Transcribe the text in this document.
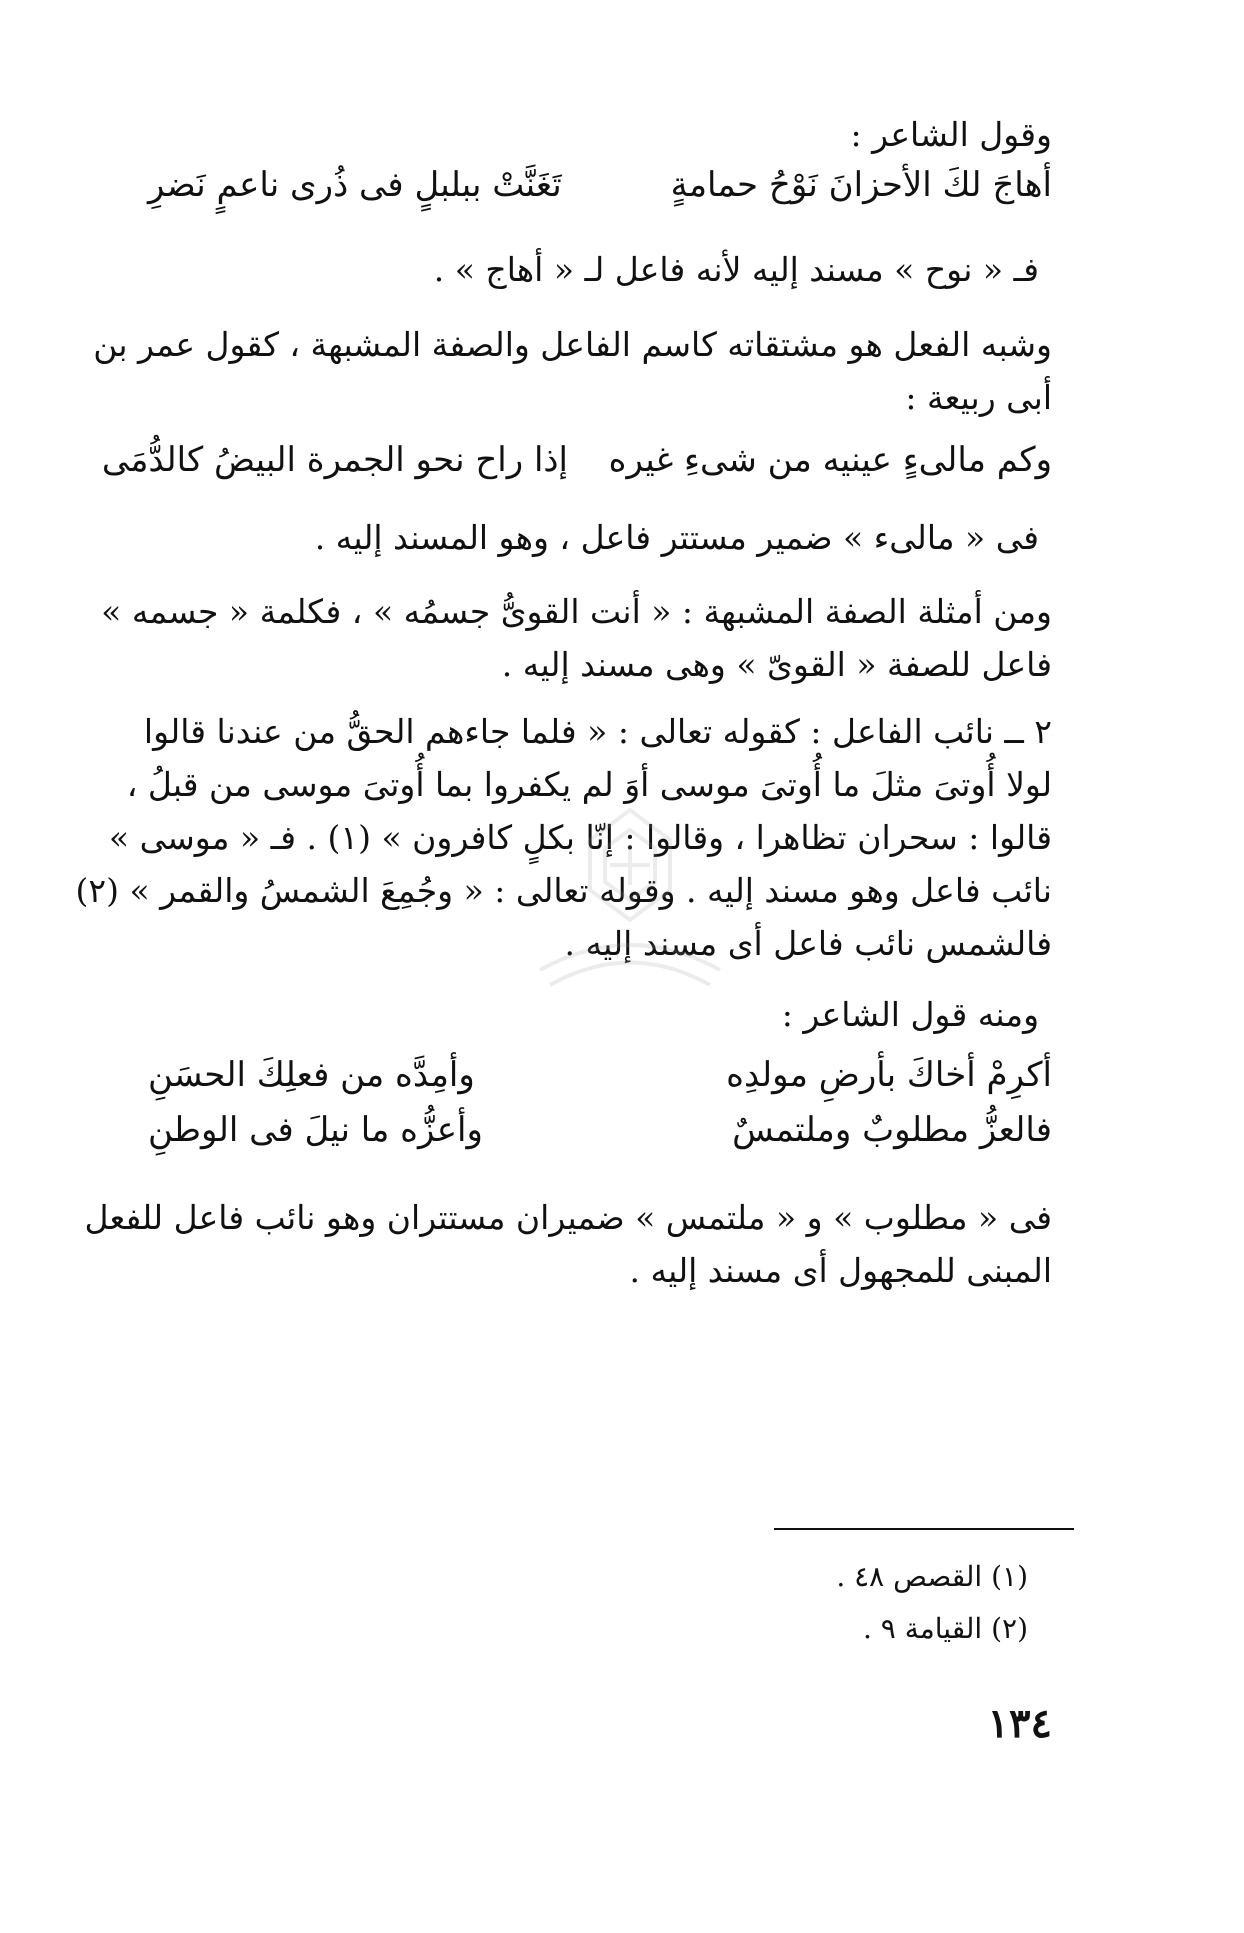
وقول الشاعر :
أهاجَ لكَ الأحزانَ نَوْحُ حمامةٍ
تَغَنَّتْ ببلبلٍ فى ذُرى ناعمٍ نَضرِ
فـ « نوح » مسند إليه لأنه فاعل لـ « أهاج » .
وشبه الفعل هو مشتقاته كاسم الفاعل والصفة المشبهة ، كقول عمر بن
أبى ربيعة :
وكم مالىءٍ عينيه من شىءِ غيره
إذا راح نحو الجمرة البيضُ كالدُّمَى
فى « مالىء » ضمير مستتر فاعل ، وهو المسند إليه .
ومن أمثلة الصفة المشبهة : « أنت القوىُّ جسمُه » ، فكلمة « جسمه »
فاعل للصفة « القوىّ » وهى مسند إليه .
٢ ــ نائب الفاعل : كقوله تعالى : « فلما جاءهم الحقُّ من عندنا قالوا
لولا أُوتىَ مثلَ ما أُوتىَ موسى أوَ لم يكفروا بما أُوتىَ موسى من قبلُ ،
قالوا : سحران تظاهرا ، وقالوا : إنّا بكلٍ كافرون » (١) . فـ « موسى »
نائب فاعل وهو مسند إليه . وقوله تعالى : « وجُمِعَ الشمسُ والقمر » (٢)
فالشمس نائب فاعل أى مسند إليه .
ومنه قول الشاعر :
أكرِمْ أخاكَ بأرضِ مولدِه
وأمِدَّه من فعلِكَ الحسَنِ
فالعزُّ مطلوبٌ وملتمسٌ
وأعزُّه ما نيلَ فى الوطنِ
فى « مطلوب » و « ملتمس » ضميران مستتران وهو نائب فاعل للفعل
المبنى للمجهول أى مسند إليه .
(١) القصص ٤٨ .
(٢) القيامة ٩ .
١٣٤
